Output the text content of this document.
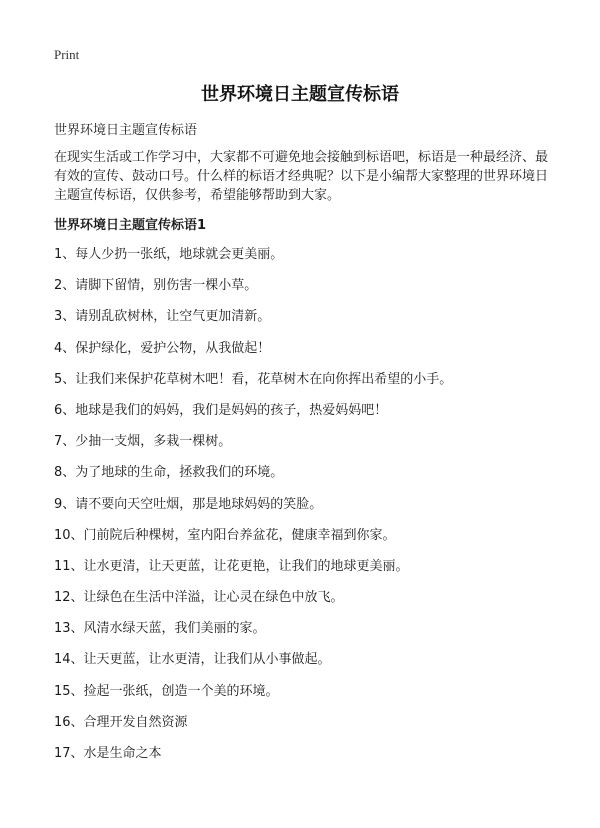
Print
世界环境日主题宣传标语

世界环境日主题宣传标语

在现实生活或工作学习中，大家都不可避免地会接触到标语吧，标语是一种最经济、最有效的宣传、鼓动口号。什么样的标语才经典呢？以下是小编帮大家整理的世界环境日主题宣传标语，仅供参考，希望能够帮助到大家。

世界环境日主题宣传标语1
1、每人少扔一张纸，地球就会更美丽。
2、请脚下留情，别伤害一棵小草。
3、请别乱砍树林，让空气更加清新。
4、保护绿化，爱护公物，从我做起！
5、让我们来保护花草树木吧！看，花草树木在向你挥出希望的小手。
6、地球是我们的妈妈，我们是妈妈的孩子，热爱妈妈吧！
7、少抽一支烟，多栽一棵树。
8、为了地球的生命，拯救我们的环境。
9、请不要向天空吐烟，那是地球妈妈的笑脸。
10、门前院后种棵树，室内阳台养盆花，健康幸福到你家。
11、让水更清，让天更蓝，让花更艳，让我们的地球更美丽。
12、让绿色在生活中洋溢，让心灵在绿色中放飞。
13、风清水绿天蓝，我们美丽的家。
14、让天更蓝，让水更清，让我们从小事做起。
15、捡起一张纸，创造一个美的环境。
16、合理开发自然资源
17、水是生命之本
